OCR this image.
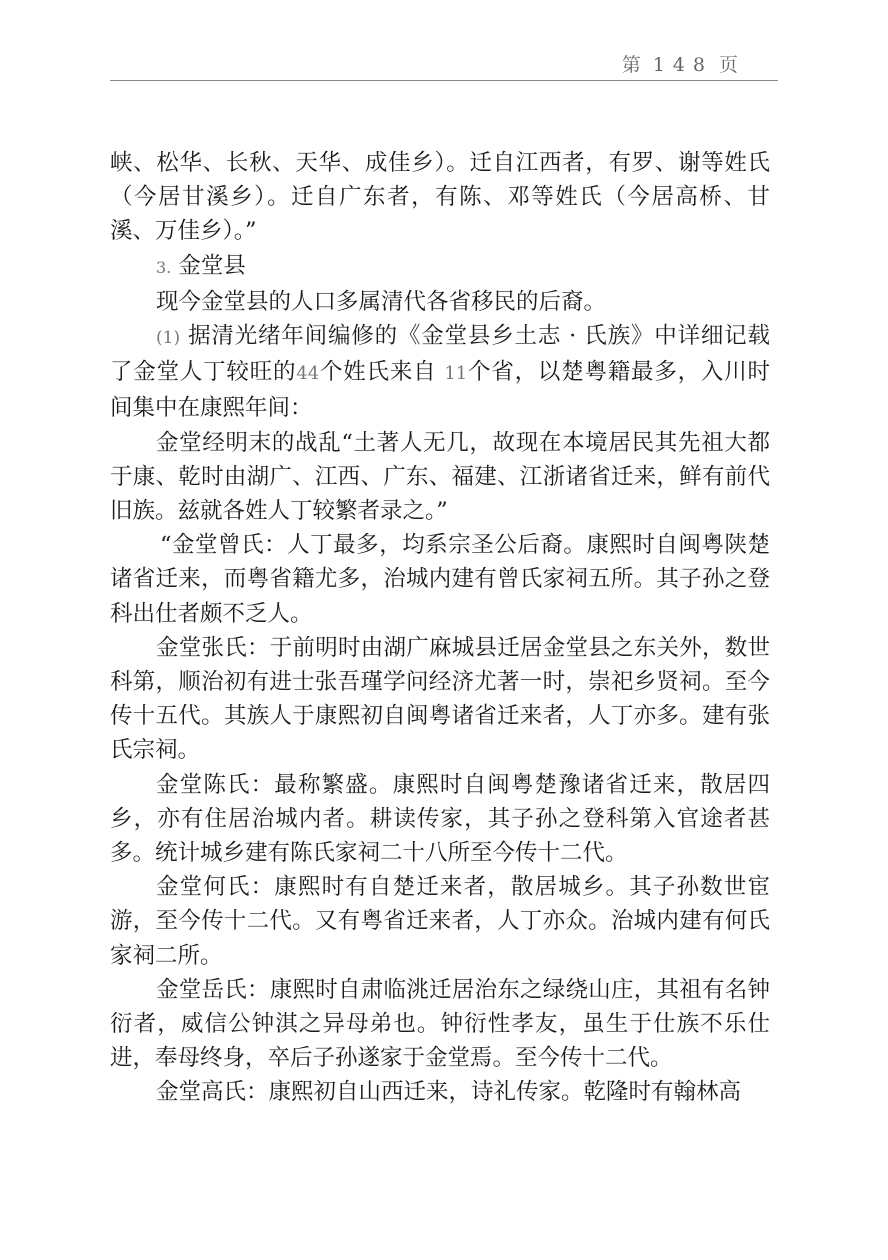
第 148 页

峡、松华、长秋、天华、成佳乡）。迁自江西者，有罗、谢等姓氏（今居甘溪乡）。迁自广东者，有陈、邓等姓氏（今居高桥、甘溪、万佳乡）。”

3. 金堂县

现今金堂县的人口多属清代各省移民的后裔。

(1) 据清光绪年间编修的《金堂县乡土志 · 氏族》中详细记载了金堂人丁较旺的44个姓氏来自 11个省，以楚粤籍最多，入川时间集中在康熙年间：

金堂经明末的战乱“土著人无几，故现在本境居民其先祖大都于康、乾时由湖广、江西、广东、福建、江浙诸省迁来，鲜有前代旧族。兹就各姓人丁较繁者录之。”

“金堂曾氏：人丁最多，均系宗圣公后裔。康熙时自闽粤陕楚诸省迁来，而粤省籍尤多，治城内建有曾氏家祠五所。其子孙之登科出仕者颇不乏人。

金堂张氏：于前明时由湖广麻城县迁居金堂县之东关外，数世科第，顺治初有进士张吾瑾学问经济尤著一时，崇祀乡贤祠。至今传十五代。其族人于康熙初自闽粤诸省迁来者，人丁亦多。建有张氏宗祠。

金堂陈氏：最称繁盛。康熙时自闽粤楚豫诸省迁来，散居四乡，亦有住居治城内者。耕读传家，其子孙之登科第入官途者甚多。统计城乡建有陈氏家祠二十八所至今传十二代。

金堂何氏：康熙时有自楚迁来者，散居城乡。其子孙数世宦游，至今传十二代。又有粤省迁来者，人丁亦众。治城内建有何氏家祠二所。

金堂岳氏：康熙时自肃临洮迁居治东之绿绕山庄，其祖有名钟衍者，威信公钟淇之异母弟也。钟衍性孝友，虽生于仕族不乐仕进，奉母终身，卒后子孙遂家于金堂焉。至今传十二代。

金堂高氏：康熙初自山西迁来，诗礼传家。乾隆时有翰林高
